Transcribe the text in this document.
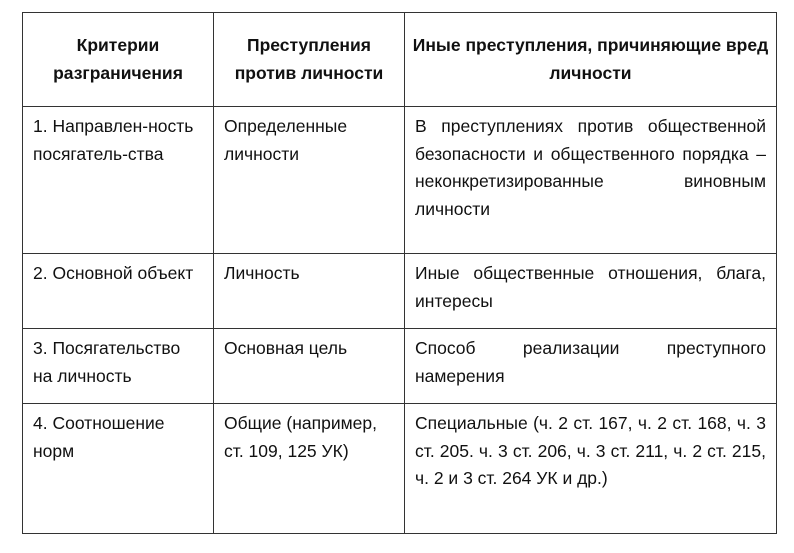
Критерии разграничения	Преступления против личности	Иные преступления, причиняющие вред личности
1. Направлен-ность посягатель-ства	Определенные личности	В преступлениях против общественной безопасности и общественного порядка – неконкретизированные виновным личности
2. Основной объект	Личность	Иные общественные отношения, блага, интересы
3. Посягательство на личность	Основная цель	Способ реализации преступного намерения
4. Соотношение норм	Общие (например, ст. 109, 125 УК)	Специальные (ч. 2 ст. 167, ч. 2 ст. 168, ч. 3 ст. 205. ч. 3 ст. 206, ч. 3 ст. 211, ч. 2 ст. 215, ч. 2 и 3 ст. 264 УК и др.)
